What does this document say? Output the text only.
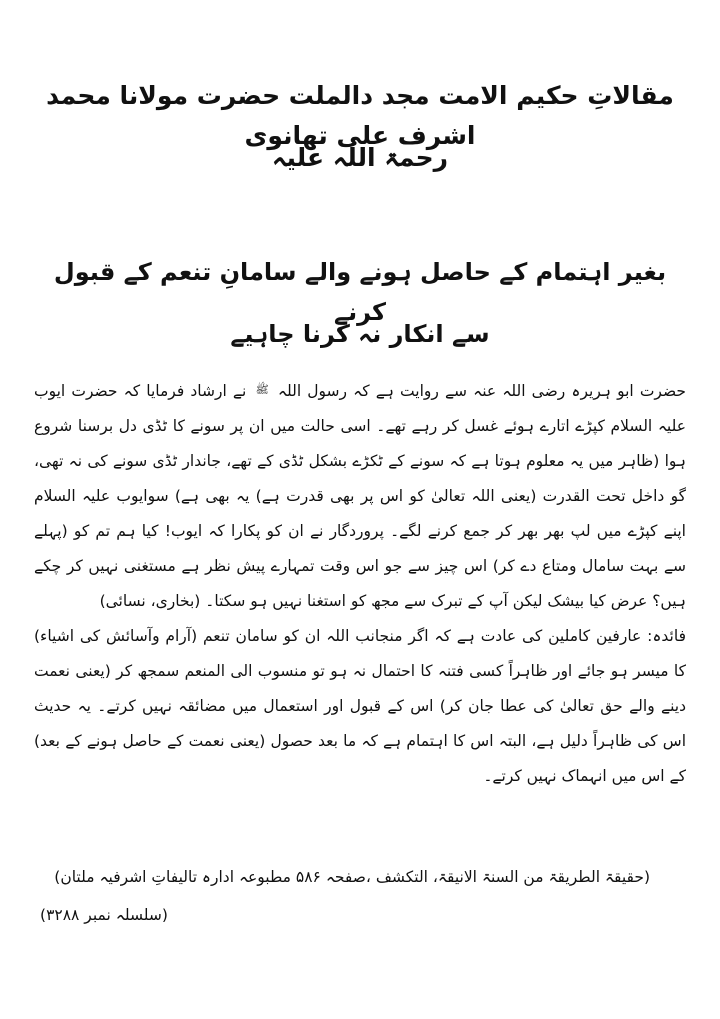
مقالاتِ حکیم الامت مجد دالملت حضرت مولانا محمد اشرف علی تھانوی
رحمۃ اللہ علیہ
بغیر اہتمام کے حاصل ہونے والے سامانِ تنعم کے قبول کرنے
سے انکار نہ کرنا چاہیے

حضرت ابو ہریرہ رضی اللہ عنہ سے روایت ہے کہ رسول اللہ ﷺ نے ارشاد فرمایا کہ حضرت ایوب علیہ السلام کپڑے اتارے ہوئے غسل کر رہے تھے۔ اسی حالت میں ان پر سونے کا ٹڈی دل برسنا شروع ہوا (ظاہر میں یہ معلوم ہوتا ہے کہ سونے کے ٹکڑے بشکل ٹڈی کے تھے، جاندار ٹڈی سونے کی نہ تھی، گو داخل تحت القدرت (یعنی اللہ تعالیٰ کو اس پر بھی قدرت ہے) یہ بھی ہے) سوایوب علیہ السلام اپنے کپڑے میں لپ بھر بھر کر جمع کرنے لگے۔ پروردگار نے ان کو پکارا کہ ایوب! کیا ہم تم کو (پہلے سے بہت سامال ومتاع دے کر) اس چیز سے جو اس وقت تمہارے پیش نظر ہے مستغنی نہیں کر چکے ہیں؟ عرض کیا بیشک لیکن آپ کے تبرک سے مجھ کو استغنا نہیں ہو سکتا۔ (بخاری، نسائی)

فائدہ: عارفین کاملین کی عادت ہے کہ اگر منجانب اللہ ان کو سامان تنعم (آرام وآسائش کی اشیاء) کا میسر ہو جائے اور ظاہراً کسی فتنہ کا احتمال نہ ہو تو منسوب الی المنعم سمجھ کر (یعنی نعمت دینے والے حق تعالیٰ کی عطا جان کر) اس کے قبول اور استعمال میں مضائقہ نہیں کرتے۔ یہ حدیث اس کی ظاہراً دلیل ہے، البتہ اس کا اہتمام ہے کہ ما بعد حصول (یعنی نعمت کے حاصل ہونے کے بعد) کے اس میں انہماک نہیں کرتے۔

(حقیقۃ الطریقۃ من السنۃ الانیقۃ، التکشف ،صفحہ ۵۸۶ مطبوعہ ادارہ تالیفاتِ اشرفیہ ملتان)
(سلسلہ نمبر ۳۲۸۸)
